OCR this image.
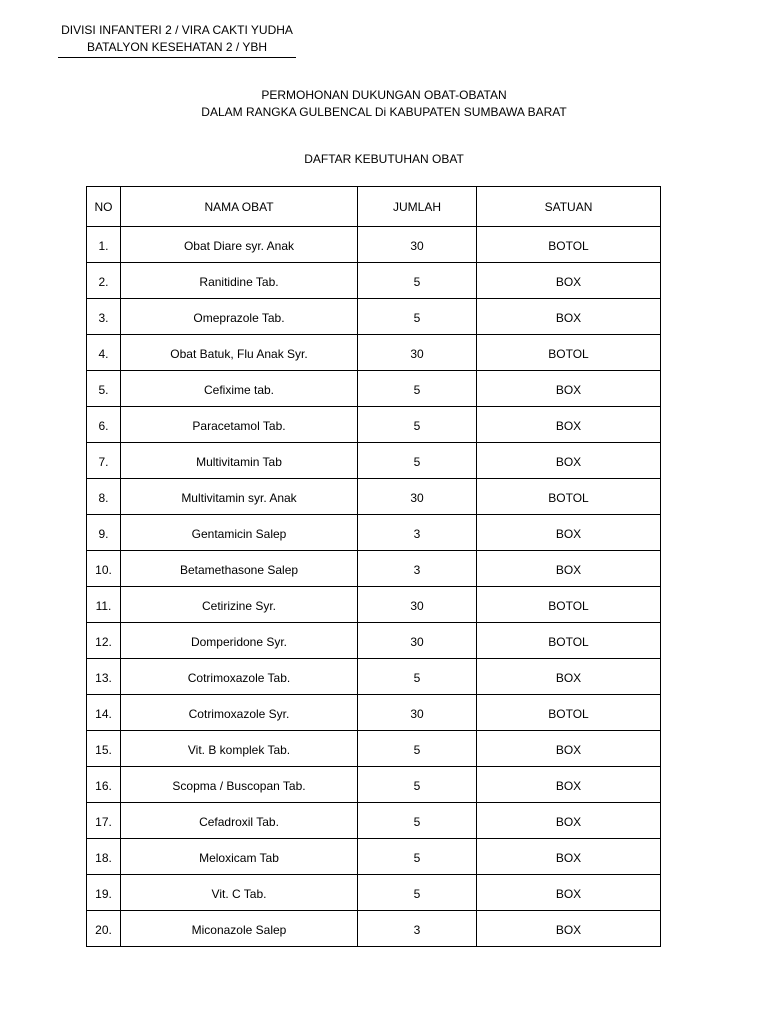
DIVISI INFANTERI 2 / VIRA CAKTI YUDHA

BATALYON KESEHATAN 2 / YBH
PERMOHONAN DUKUNGAN OBAT-OBATAN
DALAM RANGKA GULBENCAL Di KABUPATEN SUMBAWA BARAT
DAFTAR KEBUTUHAN OBAT
NO	NAMA OBAT	JUMLAH	SATUAN
1.	Obat Diare syr. Anak	30	BOTOL
2.	Ranitidine Tab.	5	BOX
3.	Omeprazole Tab.	5	BOX
4.	Obat Batuk, Flu Anak Syr.	30	BOTOL
5.	Cefixime tab.	5	BOX
6.	Paracetamol Tab.	5	BOX
7.	Multivitamin Tab	5	BOX
8.	Multivitamin syr. Anak	30	BOTOL
9.	Gentamicin Salep	3	BOX
10.	Betamethasone Salep	3	BOX
11.	Cetirizine Syr.	30	BOTOL
12.	Domperidone Syr.	30	BOTOL
13.	Cotrimoxazole Tab.	5	BOX
14.	Cotrimoxazole Syr.	30	BOTOL
15.	Vit. B komplek Tab.	5	BOX
16.	Scopma / Buscopan Tab.	5	BOX
17.	Cefadroxil Tab.	5	BOX
18.	Meloxicam Tab	5	BOX
19.	Vit. C Tab.	5	BOX
20.	Miconazole Salep	3	BOX
